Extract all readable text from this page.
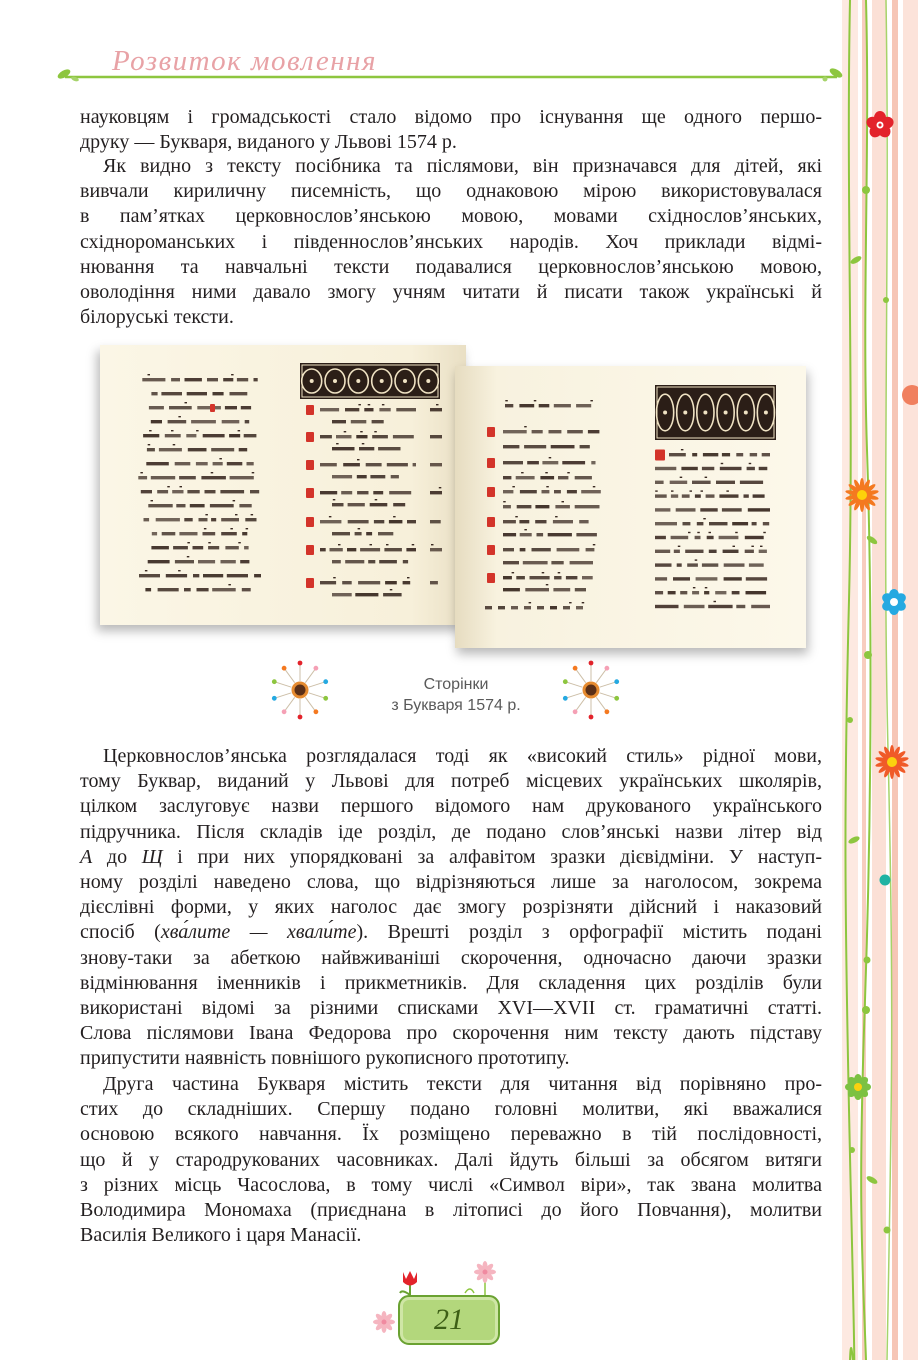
Розвиток мовлення
науковцям і громадськості стало відомо про існування ще одного першо-
друку — Букваря, виданого у Львові 1574 р.
Як видно з тексту посібника та післямови, він призначався для дітей, які
вивчали кириличну писемність, що однаковою мірою використовувалася
в пам’ятках церковнослов’янською мовою, мовами східнослов’янських,
східнороманських і південнослов’янських народів. Хоч приклади відмі-
нювання та навчальні тексти подавалися церковнослов’янською мовою,
оволодіння ними давало змогу учням читати й писати також українські й
білоруські тексти.
Сторінки
з Букваря 1574 р.
Церковнослов’янська розглядалася тоді як «високий стиль» рідної мови,
тому Буквар, виданий у Львові для потреб місцевих українських школярів,
цілком заслуговує назви першого відомого нам друкованого українського
підручника. Після складів іде розділ, де подано слов’янські назви літер від
А до Щ і при них упорядковані за алфавітом зразки дієвідміни. У наступ-
ному розділі наведено слова, що відрізняються лише за наголосом, зокрема
дієслівні форми, у яких наголос дає змогу розрізняти дійсний і наказовий
спосіб (хва́лите — хвали́те). Врешті розділ з орфографії містить подані
знову-таки за абеткою найвживаніші скорочення, одночасно даючи зразки
відмінювання іменників і прикметників. Для складення цих розділів були
використані відомі за різними списками XVI—XVII ст. граматичні статті.
Слова післямови Івана Федорова про скорочення ним тексту дають підставу
припустити наявність повнішого рукописного прототипу.
Друга частина Букваря містить тексти для читання від порівняно про-
стих до складніших. Спершу подано головні молитви, які вважалися
основою всякого навчання. Їх розміщено переважно в тій послідовності,
що й у стародрукованих часовниках. Далі йдуть більші за обсягом витяги
з різних місць Часослова, в тому числі «Символ віри», так звана молитва
Володимира Мономаха (приєднана в літописі до його Повчання), молитви
Василія Великого і царя Манасії.
21
